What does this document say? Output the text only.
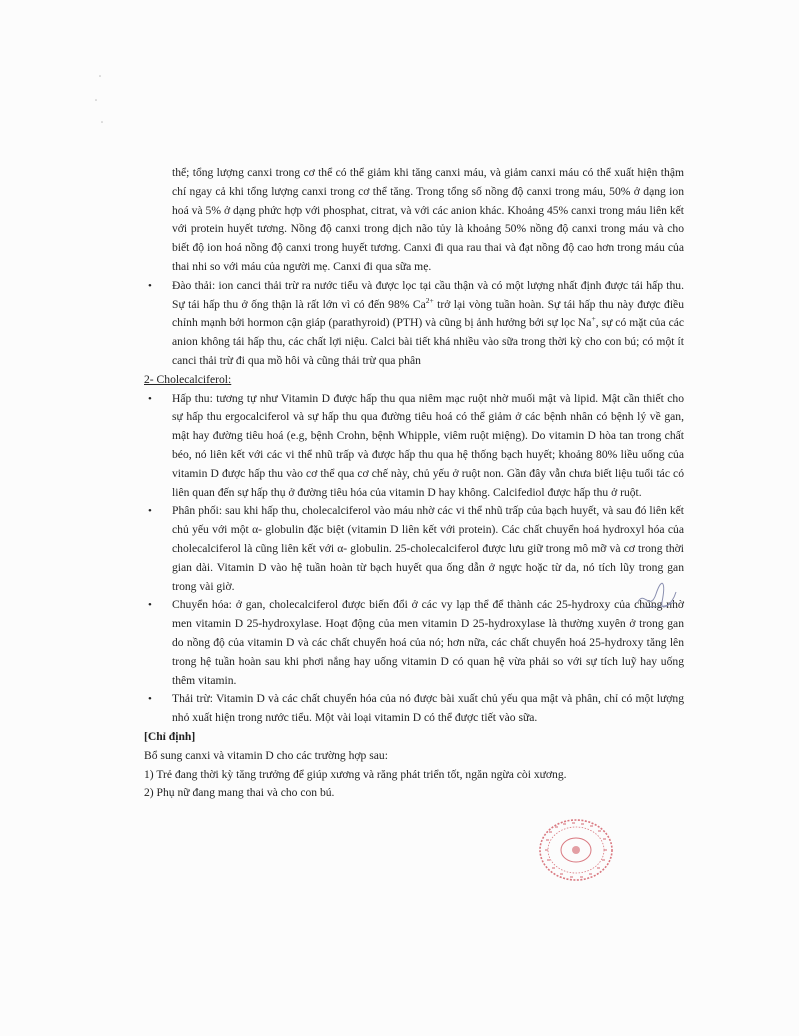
thể; tổng lượng canxi trong cơ thể có thể giảm khi tăng canxi máu, và giảm canxi máu có thể xuất hiện thậm chí ngay cả khi tổng lượng canxi trong cơ thể tăng. Trong tổng số nồng độ canxi trong máu, 50% ở dạng ion hoá và 5% ở dạng phức hợp với phosphat, citrat, và với các anion khác. Khoảng 45% canxi trong máu liên kết với protein huyết tương. Nồng độ canxi trong dịch não tủy là khoảng 50% nồng độ canxi trong máu và cho biết độ ion hoá nồng độ canxi trong huyết tương. Canxi đi qua rau thai và đạt nồng độ cao hơn trong máu của thai nhi so với máu của người mẹ. Canxi đi qua sữa mẹ.

• Đào thải: ion canci thải trừ ra nước tiểu và được lọc tại cầu thận và có một lượng nhất định được tái hấp thu. Sự tái hấp thu ở ống thận là rất lớn vì có đến 98% $Ca^{2+}$ trở lại vòng tuần hoàn. Sự tái hấp thu này được điều chỉnh mạnh bởi hormon cận giáp (parathyroid) (PTH) và cũng bị ảnh hưởng bởi sự lọc Na+, sự có mặt của các anion không tái hấp thu, các chất lợi niệu. Calci bài tiết khá nhiều vào sữa trong thời kỳ cho con bú; có một ít canci thải trừ đi qua mồ hôi và cũng thải trừ qua phân

2- Cholecalciferol:

• Hấp thu: tương tự như Vitamin D được hấp thu qua niêm mạc ruột nhờ muối mật và lipid. Mật cần thiết cho sự hấp thu ergocalciferol và sự hấp thu qua đường tiêu hoá có thể giảm ở các bệnh nhân có bệnh lý về gan, mật hay đường tiêu hoá (e.g, bệnh Crohn, bệnh Whipple, viêm ruột miệng). Do vitamin D hòa tan trong chất béo, nó liên kết với các vi thể nhũ trấp và được hấp thu qua hệ thống bạch huyết; khoảng 80% liều uống của vitamin D được hấp thu vào cơ thể qua cơ chế này, chủ yếu ở ruột non. Gần đây vẫn chưa biết liệu tuổi tác có liên quan đến sự hấp thụ ở đường tiêu hóa của vitamin D hay không. Calcifediol được hấp thu ở ruột.
• Phân phối: sau khi hấp thu, cholecalciferol vào máu nhờ các vi thể nhũ trấp của bạch huyết, và sau đó liên kết chủ yếu với một α- globulin đặc biệt (vitamin D liên kết với protein). Các chất chuyển hoá hydroxyl hóa của cholecalciferol là cũng liên kết với α- globulin. 25-cholecalciferol được lưu giữ trong mô mỡ và cơ trong thời gian dài. Vitamin D vào hệ tuần hoàn từ bạch huyết qua ống dẫn ở ngực hoặc từ da, nó tích lũy trong gan trong vài giờ.
• Chuyển hóa: ở gan, cholecalciferol được biến đổi ở các vy lạp thể để thành các 25-hydroxy của chúng nhờ men vitamin D 25-hydroxylase. Hoạt động của men vitamin D 25-hydroxylase là thường xuyên ở trong gan do nồng độ của vitamin D và các chất chuyển hoá của nó; hơn nữa, các chất chuyển hoá 25-hydroxy tăng lên trong hệ tuần hoàn sau khi phơi nắng hay uống vitamin D có quan hệ vừa phải so với sự tích luỹ hay uống thêm vitamin.
• Thải trừ: Vitamin D và các chất chuyển hóa của nó được bài xuất chủ yếu qua mật và phân, chỉ có một lượng nhỏ xuất hiện trong nước tiểu. Một vài loại vitamin D có thể được tiết vào sữa.

[Chỉ định]

Bổ sung canxi và vitamin D cho các trường hợp sau:

1) Trẻ đang thời kỳ tăng trưởng để giúp xương và răng phát triển tốt, ngăn ngừa còi xương.

2) Phụ nữ đang mang thai và cho con bú.
